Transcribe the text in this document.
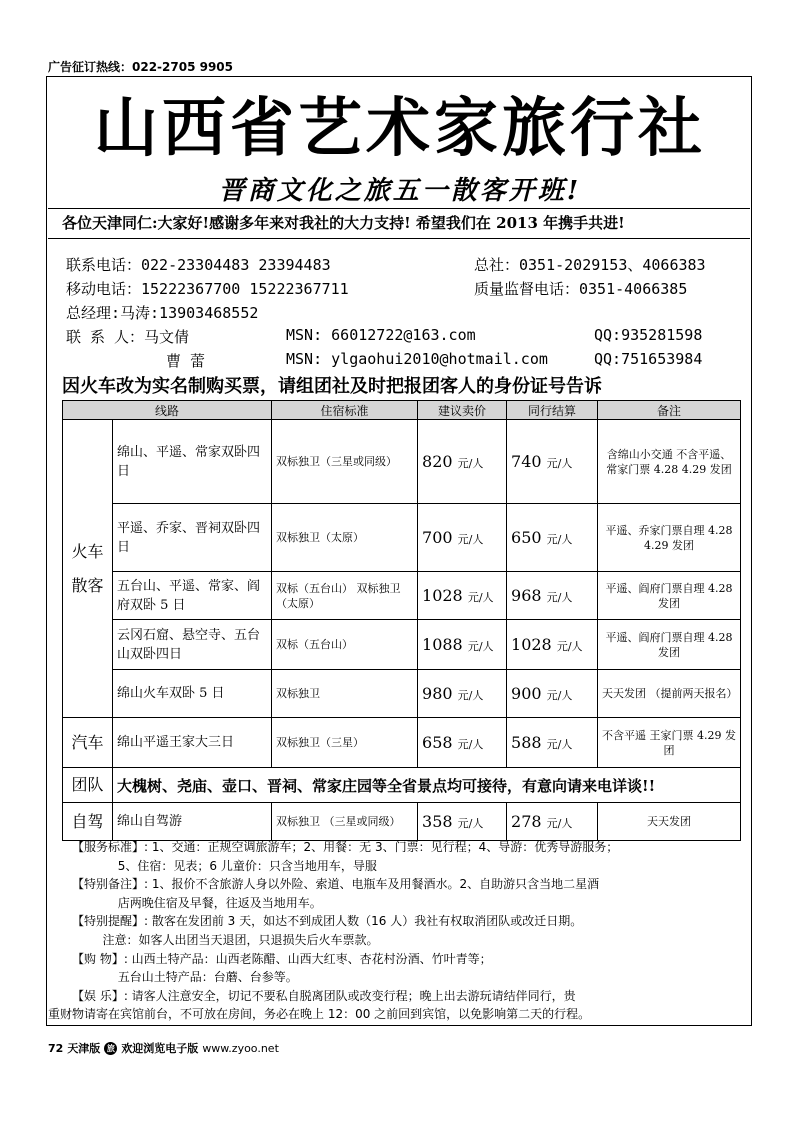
广告征订热线：022-2705 9905
山西省艺术家旅行社
晋商文化之旅五一散客开班!
各位天津同仁:大家好!感谢多年来对我社的大力支持! 希望我们在 2013 年携手共进!
联系电话：022-23304483 23394483	总社：0351-2029153、4066383
移动电话：15222367700 15222367711	质量监督电话：0351-4066385
总经理:马涛:13903468552
联 系 人：马文倩	MSN: 66012722@163.com	QQ:935281598
曹 蕾	MSN: ylgaohui2010@hotmail.com	QQ:751653984
因火车改为实名制购买票，请组团社及时把报团客人的身份证号告诉
线路		住宿标准	建议卖价	同行结算	备注
火车散客	绵山、平遥、常家双卧四日	双标独卫（三星或同级）	820 元/人	740 元/人	含绵山小交通 不含平遥、常家门票 4.28 4.29 发团
	平遥、乔家、晋祠双卧四日	双标独卫（太原）	700 元/人	650 元/人	平遥、乔家门票自理 4.28 4.29 发团
	五台山、平遥、常家、阎府双卧 5 日	双标（五台山） 双标独卫（太原）	1028 元/人	968 元/人	平遥、阎府门票自理 4.28 发团
	云冈石窟、悬空寺、五台山双卧四日	双标（五台山）	1088 元/人	1028 元/人	平遥、阎府门票自理 4.28 发团
	绵山火车双卧 5 日	双标独卫	980 元/人	900 元/人	天天发团 （提前两天报名）
汽车	绵山平遥王家大三日	双标独卫（三星）	658 元/人	588 元/人	不含平遥 王家门票 4.29 发团
团队	大槐树、尧庙、壶口、晋祠、常家庄园等全省景点均可接待，有意向请来电详谈!!				
自驾	绵山自驾游	双标独卫 （三星或同级）	358 元/人	278 元/人	天天发团

【服务标准】: 1、交通：正规空调旅游车；2、用餐：无 3、门票：见行程；4、导游：优秀导游服务；

5、住宿：见表；6 儿童价：只含当地用车，导服

【特别备注】: 1、报价不含旅游人身以外险、索道、电瓶车及用餐酒水。2、自助游只含当地二星酒

店两晚住宿及早餐，往返及当地用车。

【特别提醒】: 散客在发团前 3 天，如达不到成团人数（16 人）我社有权取消团队或改迁日期。

注意：如客人出团当天退团，只退损失后火车票款。

【购 物】: 山西土特产品：山西老陈醋、山西大红枣、杏花村汾酒、竹叶青等；

五台山土特产品：台蘑、台参等。

【娱 乐】: 请客人注意安全，切记不要私自脱离团队或改变行程；晚上出去游玩请结伴同行，贵

重财物请寄在宾馆前台，不可放在房间，务必在晚上 12：00 之前回到宾馆，以免影响第二天的行程。

72 天津版 旅 欢迎浏览电子版 www.zyoo.net
